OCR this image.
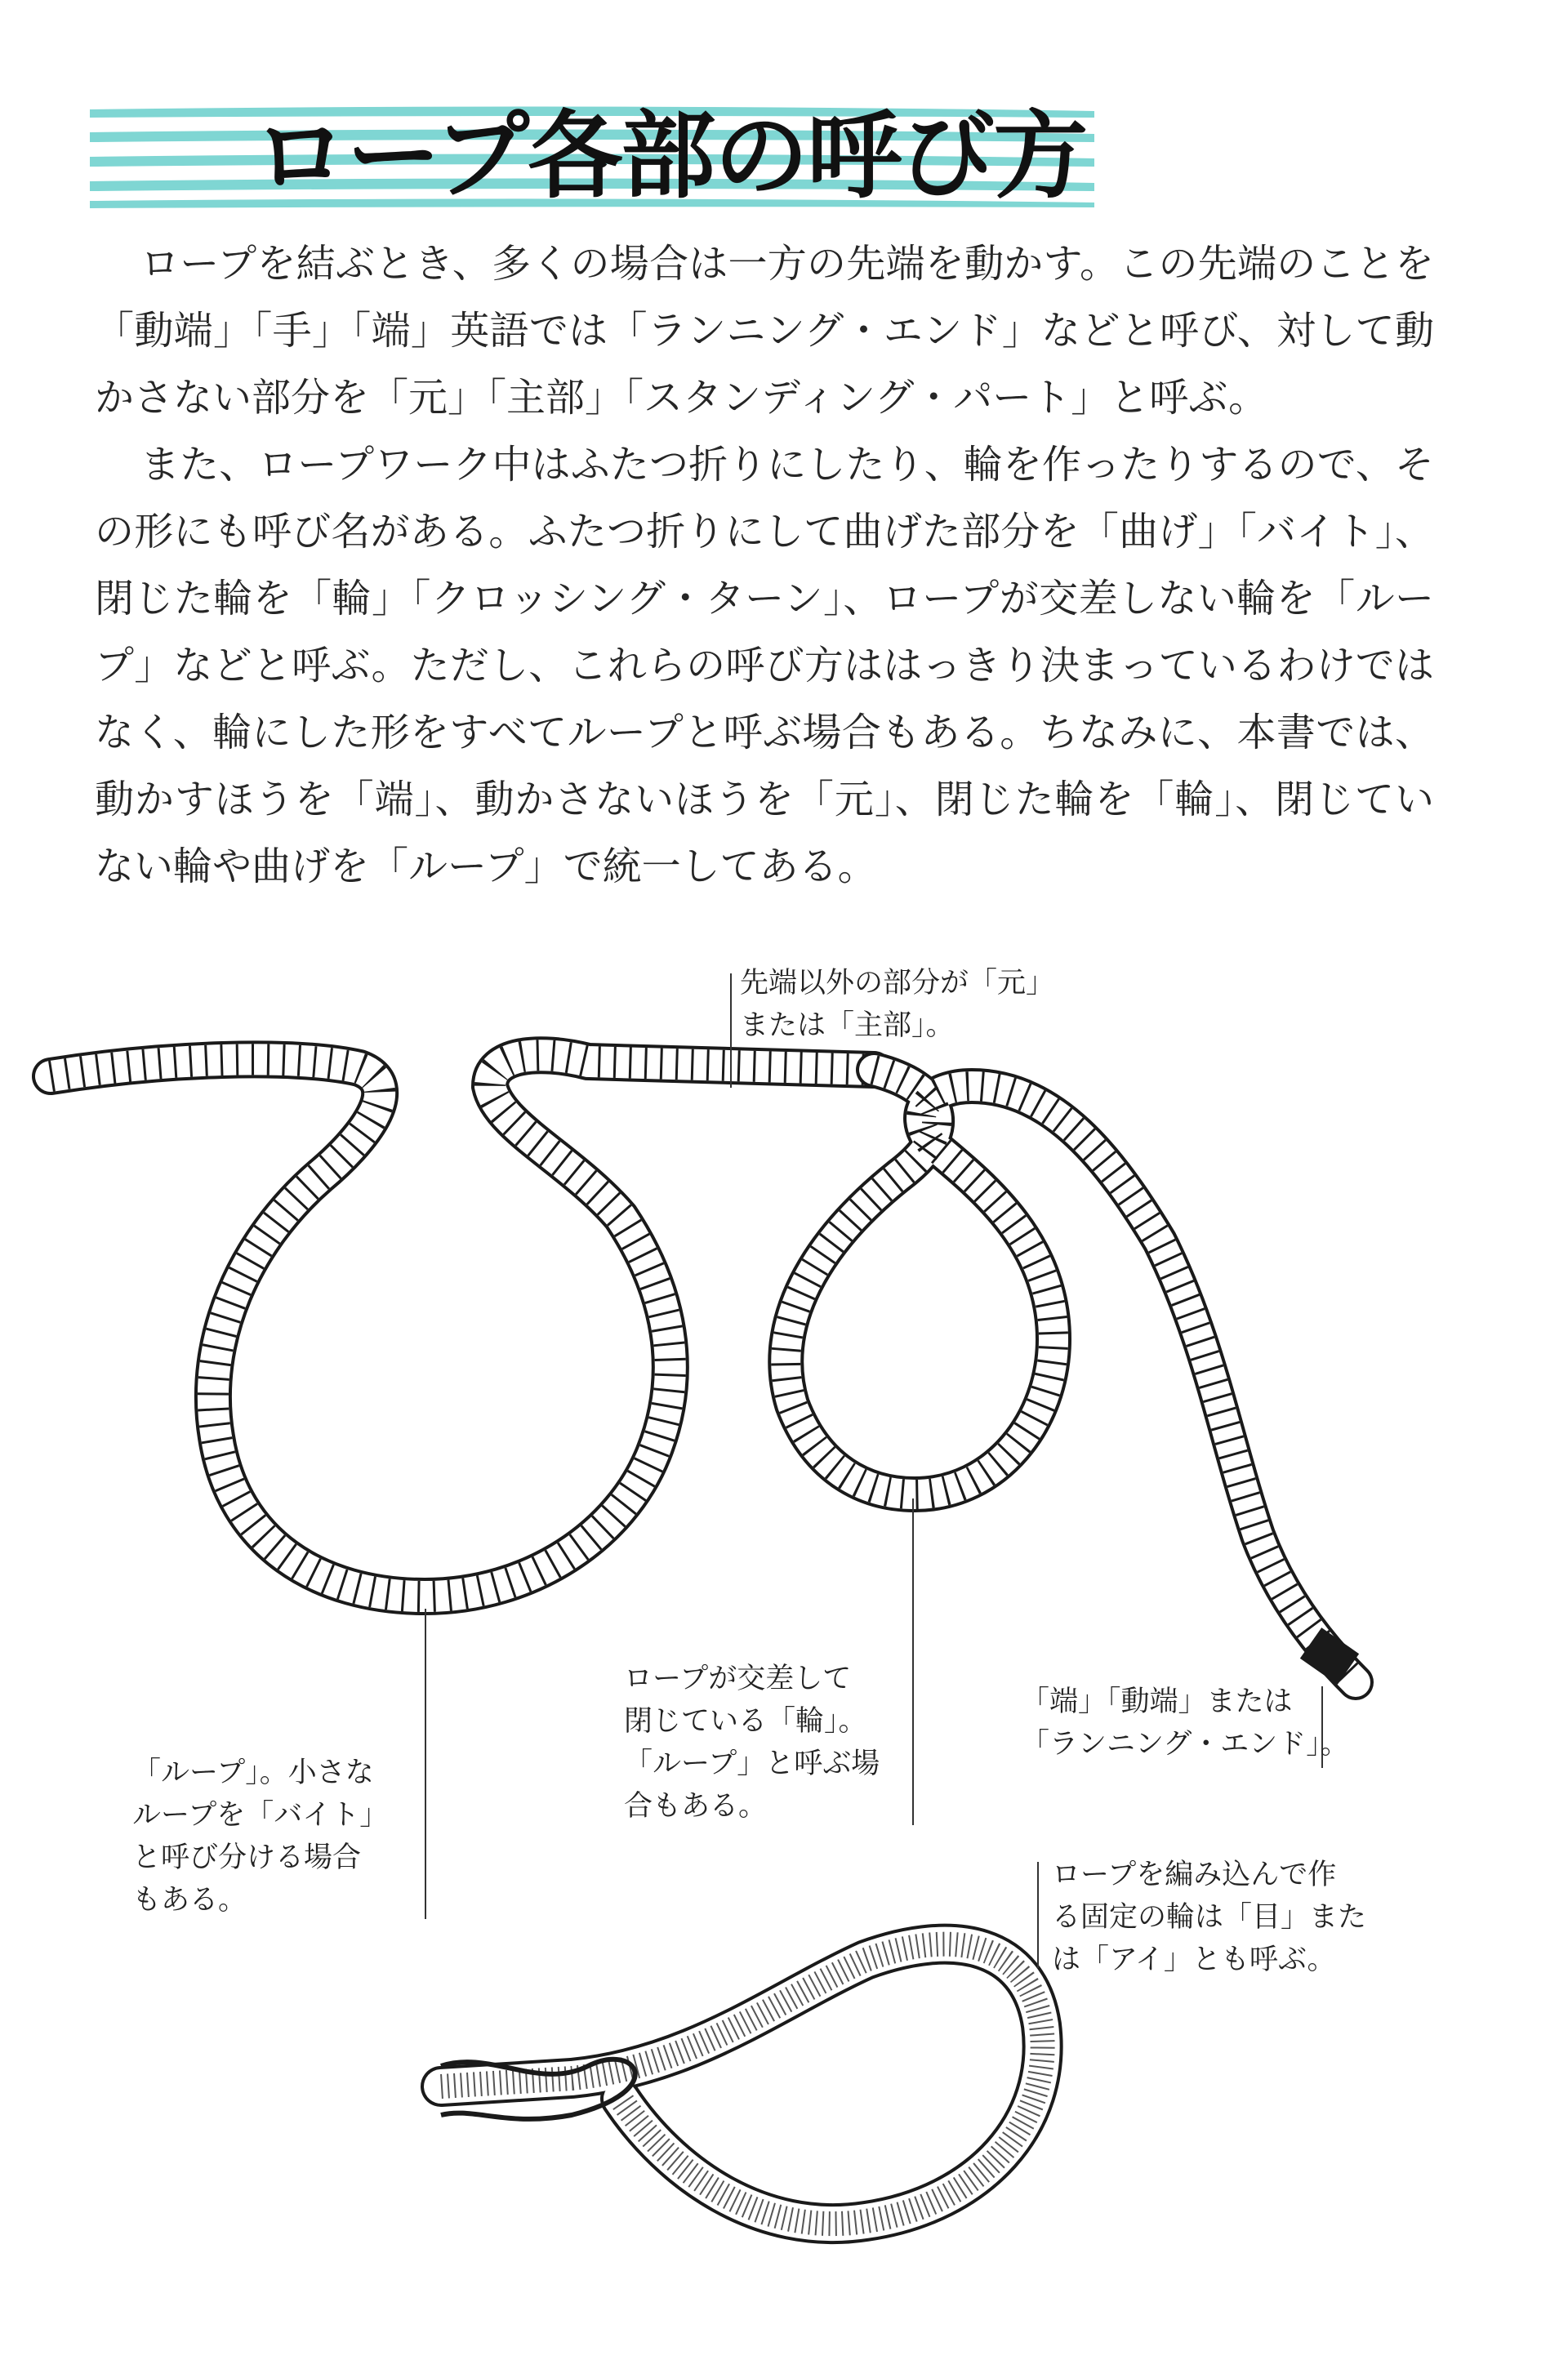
ロープ各部の呼び方

ロープを結ぶとき、多くの場合は一方の先端を動かす。この先端のことを「動端」「手」「端」英語では「ランニング・エンド」などと呼び、対して動かさない部分を「元」「主部」「スタンディング・パート」と呼ぶ。

また、ロープワーク中はふたつ折りにしたり、輪を作ったりするので、その形にも呼び名がある。ふたつ折りにして曲げた部分を「曲げ」「バイト」、閉じた輪を「輪」「クロッシング・ターン」、ロープが交差しない輪を「ループ」などと呼ぶ。ただし、これらの呼び方ははっきり決まっているわけではなく、輪にした形をすべてループと呼ぶ場合もある。ちなみに、本書では、動かすほうを「端」、動かさないほうを「元」、閉じた輪を「輪」、閉じていない輪や曲げを「ループ」で統一してある。

先端以外の部分が「元」
または「主部」。
「ループ」。小さな
ループを「バイト」
と呼び分ける場合
もある。
ロープが交差して
閉じている「輪」。
「ループ」と呼ぶ場
合もある。
「端」「動端」または
「ランニング・エンド」。
ロープを編み込んで作
る固定の輪は「目」また
は「アイ」とも呼ぶ。
